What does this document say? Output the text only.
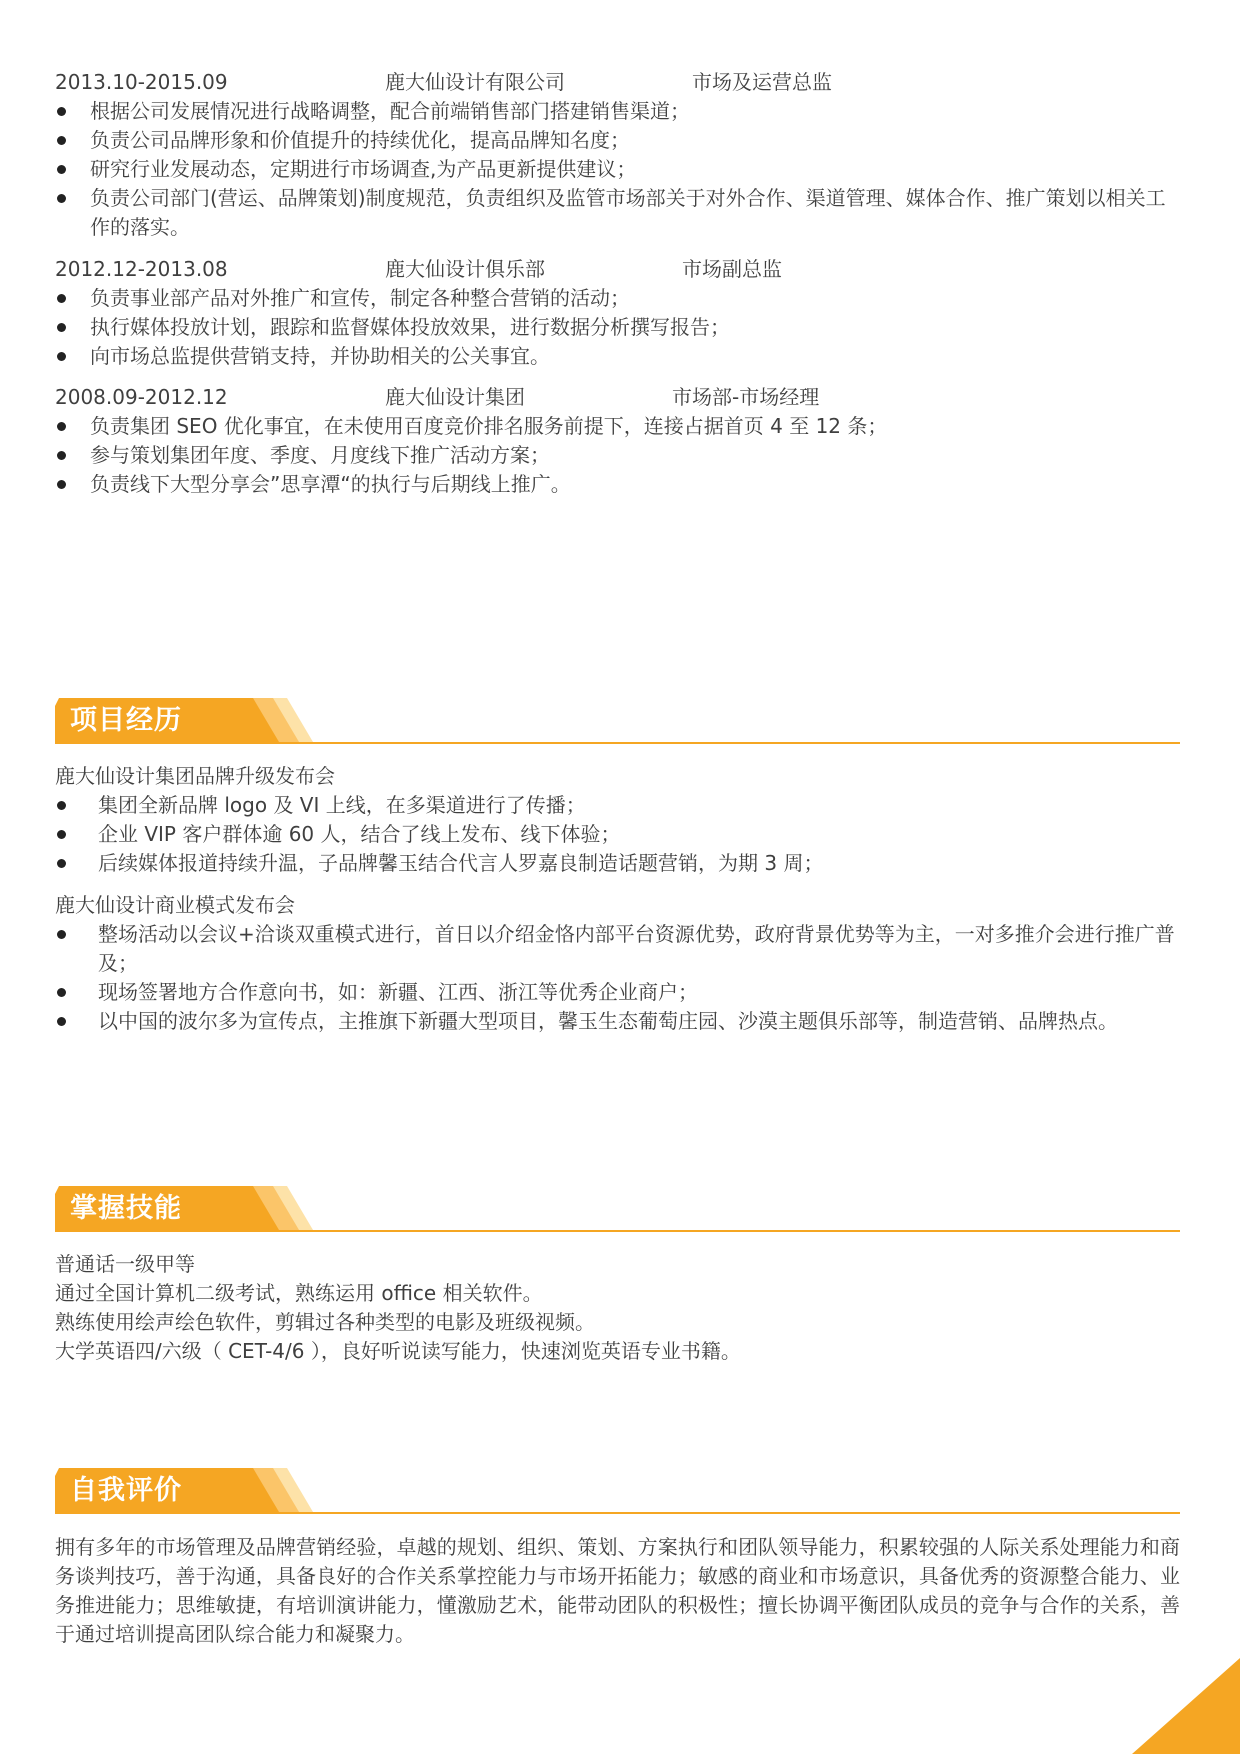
2013.10-2015.09	鹿大仙设计有限公司	市场及运营总监
根据公司发展情况进行战略调整，配合前端销售部门搭建销售渠道；
负责公司品牌形象和价值提升的持续优化，提高品牌知名度；
研究行业发展动态，定期进行市场调查,为产品更新提供建议；
负责公司部门(营运、品牌策划)制度规范，负责组织及监管市场部关于对外合作、渠道管理、媒体合作、推广策划以相关工作的落实。
2012.12-2013.08	鹿大仙设计俱乐部	市场副总监
负责事业部产品对外推广和宣传，制定各种整合营销的活动；
执行媒体投放计划，跟踪和监督媒体投放效果，进行数据分析撰写报告；
向市场总监提供营销支持，并协助相关的公关事宜。
2008.09-2012.12	鹿大仙设计集团	市场部-市场经理
负责集团 SEO 优化事宜，在未使用百度竞价排名服务前提下，连接占据首页 4 至 12 条；
参与策划集团年度、季度、月度线下推广活动方案；
负责线下大型分享会”思享潭“的执行与后期线上推广。
项目经历
鹿大仙设计集团品牌升级发布会
集团全新品牌 logo 及 VI 上线，在多渠道进行了传播；
企业 VIP 客户群体逾 60 人，结合了线上发布、线下体验；
后续媒体报道持续升温，子品牌馨玉结合代言人罗嘉良制造话题营销，为期 3 周；
鹿大仙设计商业模式发布会
整场活动以会议+洽谈双重模式进行，首日以介绍金恪内部平台资源优势，政府背景优势等为主，一对多推介会进行推广普及；
现场签署地方合作意向书，如：新疆、江西、浙江等优秀企业商户；
以中国的波尔多为宣传点，主推旗下新疆大型项目，馨玉生态葡萄庄园、沙漠主题俱乐部等，制造营销、品牌热点。
掌握技能
普通话一级甲等
通过全国计算机二级考试，熟练运用 office 相关软件。
熟练使用绘声绘色软件，剪辑过各种类型的电影及班级视频。
大学英语四/六级（ CET-4/6 ），良好听说读写能力，快速浏览英语专业书籍。
自我评价
拥有多年的市场管理及品牌营销经验，卓越的规划、组织、策划、方案执行和团队领导能力，积累较强的人际关系处理能力和商务谈判技巧，善于沟通，具备良好的合作关系掌控能力与市场开拓能力；敏感的商业和市场意识，具备优秀的资源整合能力、业务推进能力；思维敏捷，有培训演讲能力，懂激励艺术，能带动团队的积极性；擅长协调平衡团队成员的竞争与合作的关系，善于通过培训提高团队综合能力和凝聚力。
